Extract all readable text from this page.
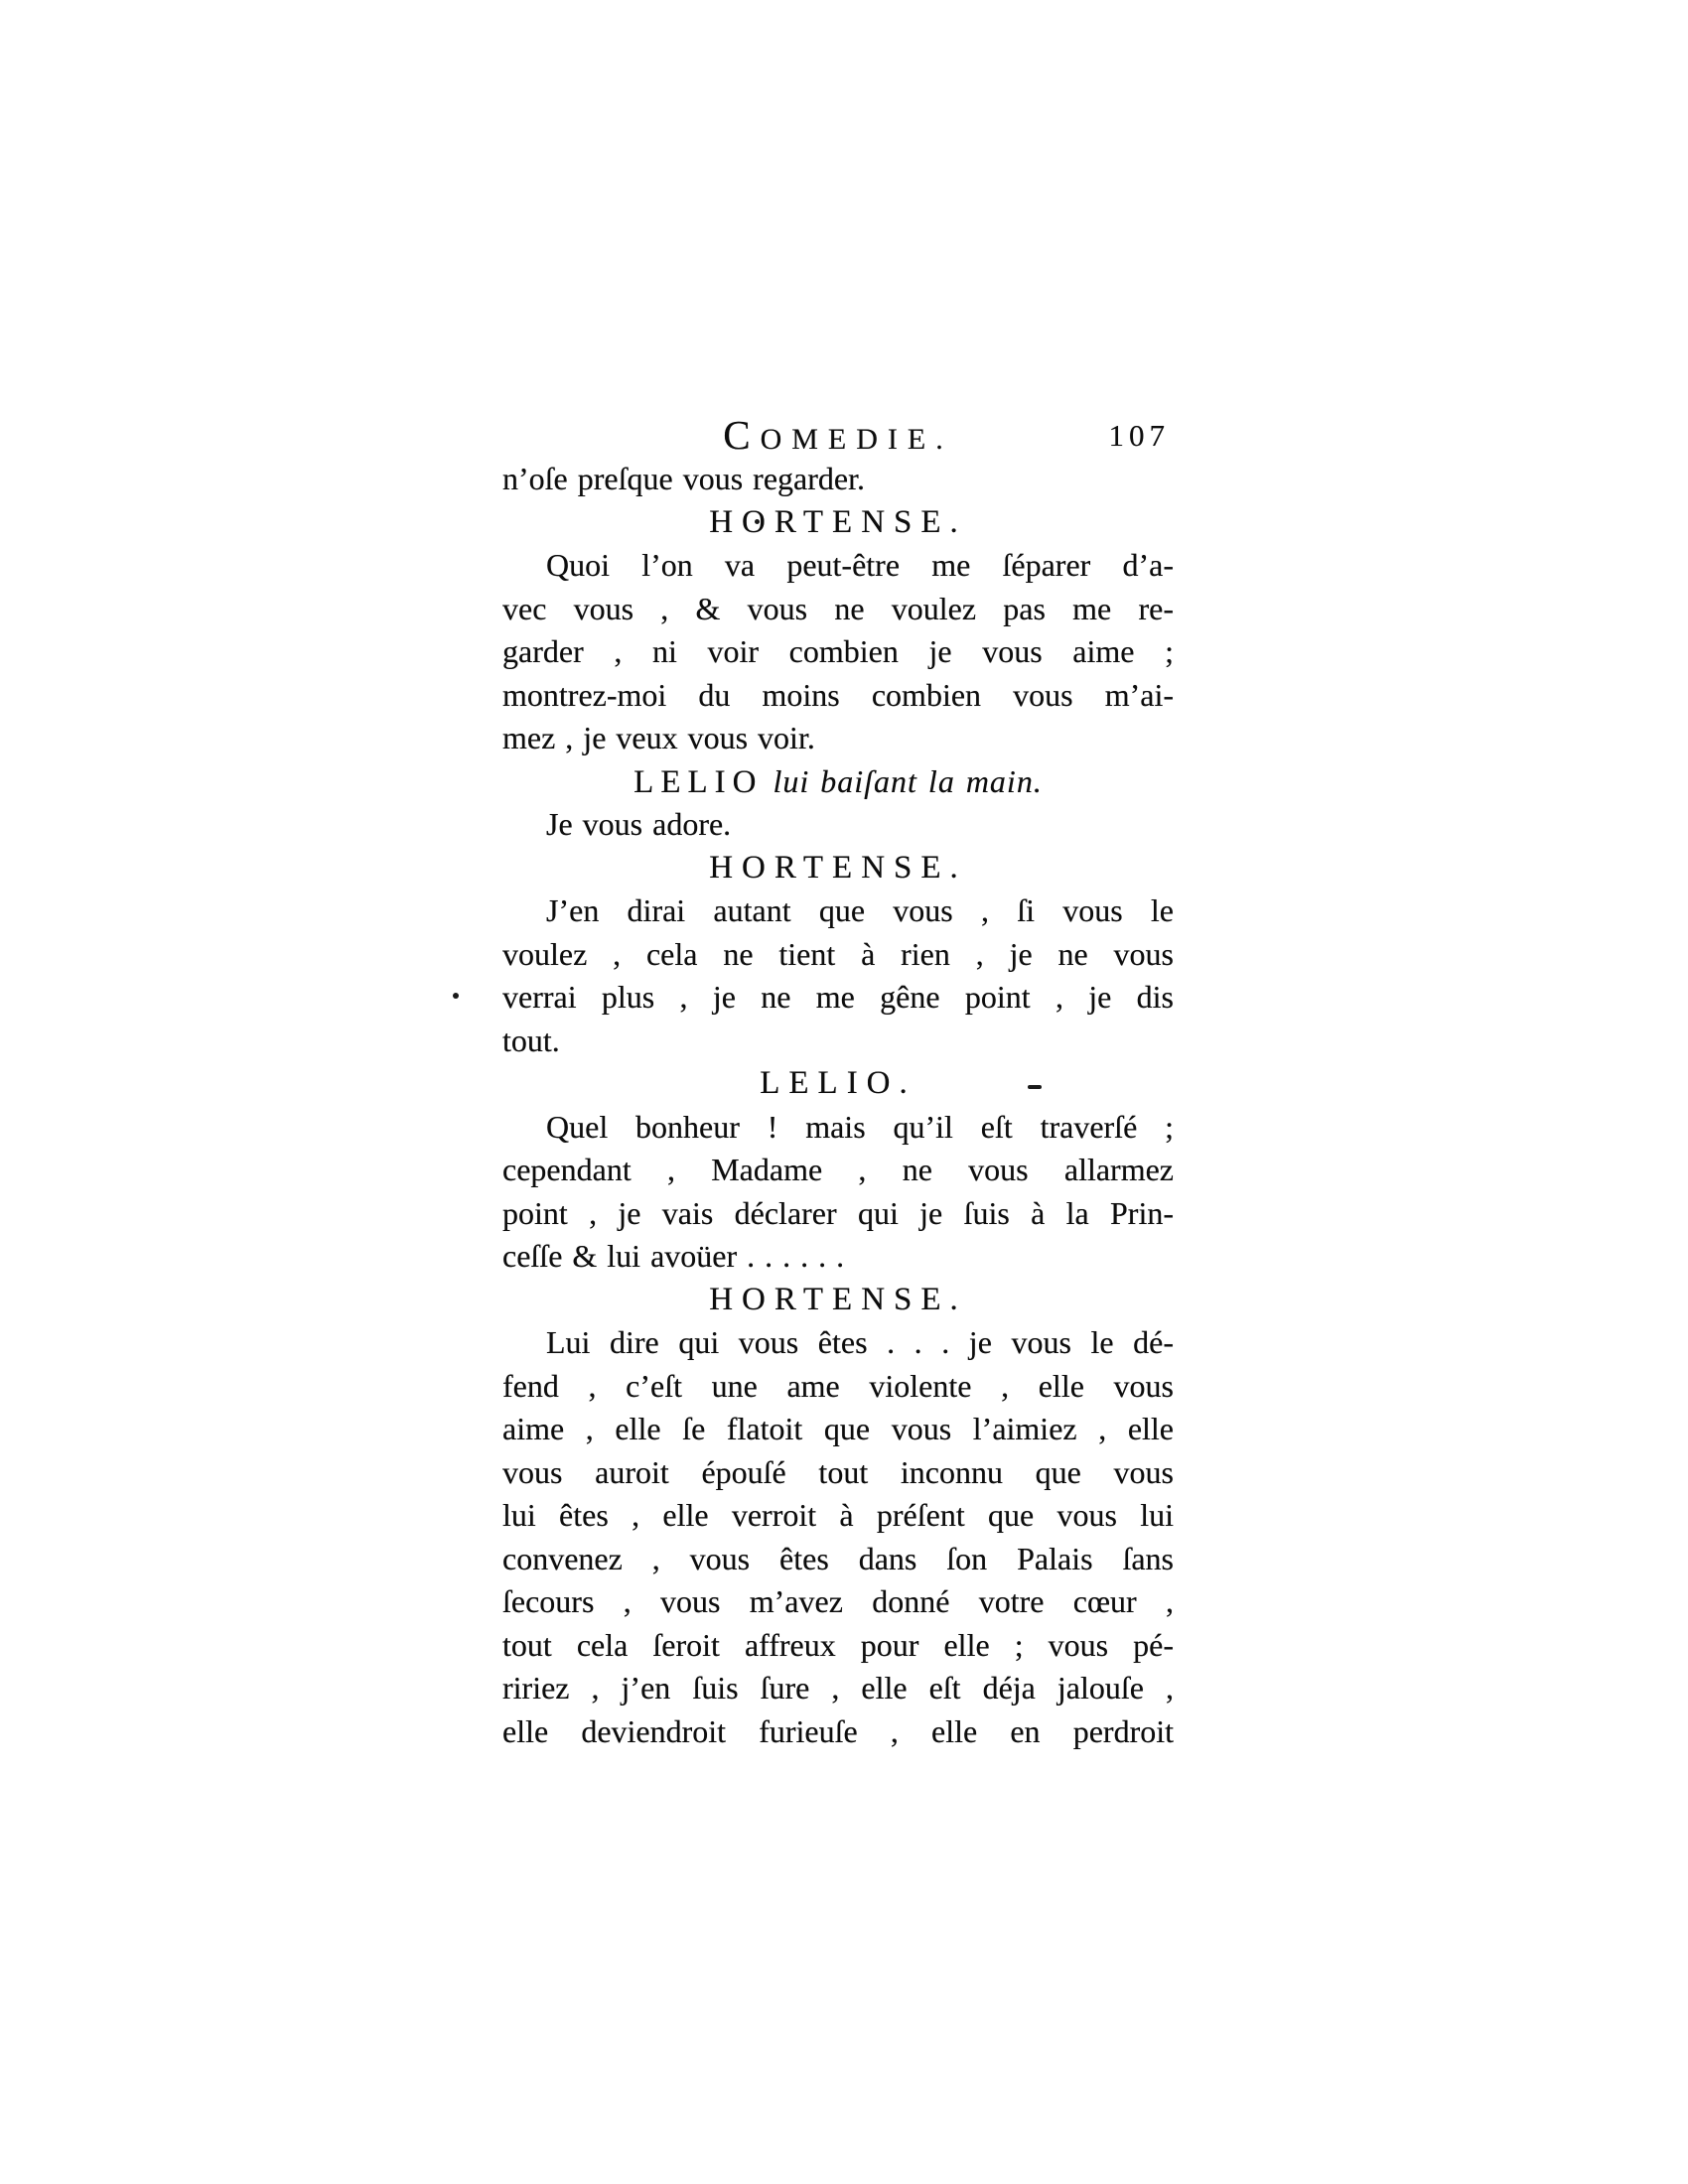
COMEDIE.	107
n’oſe preſque vous regarder.
HORTENSE.
Quoi l’on va peut-être me ſéparer d’a-
vec vous , & vous ne voulez pas me re-
garder , ni voir combien je vous aime ;
montrez-moi du moins combien vous m’ai-
mez , je veux vous voir.
LELIO lui baiſant la main.
Je vous adore.
HORTENSE.
J’en dirai autant que vous , ſi vous le
voulez , cela ne tient à rien , je ne vous
verrai plus , je ne me gêne point , je dis
tout.
LELIO.
Quel bonheur ! mais qu’il eſt traverſé ;
cependant , Madame , ne vous allarmez
point , je vais déclarer qui je ſuis à la Prin-
ceſſe & lui avoüer . . . . . .
HORTENSE.
Lui dire qui vous êtes . . . je vous le dé-
fend , c’eſt une ame violente , elle vous
aime , elle ſe flatoit que vous l’aimiez , elle
vous auroit épouſé tout inconnu que vous
lui êtes , elle verroit à préſent que vous lui
convenez , vous êtes dans ſon Palais ſans
ſecours , vous m’avez donné votre cœur ,
tout cela ſeroit affreux pour elle ; vous pé-
ririez , j’en ſuis ſure , elle eſt déja jalouſe ,
elle deviendroit furieuſe , elle en perdroit
